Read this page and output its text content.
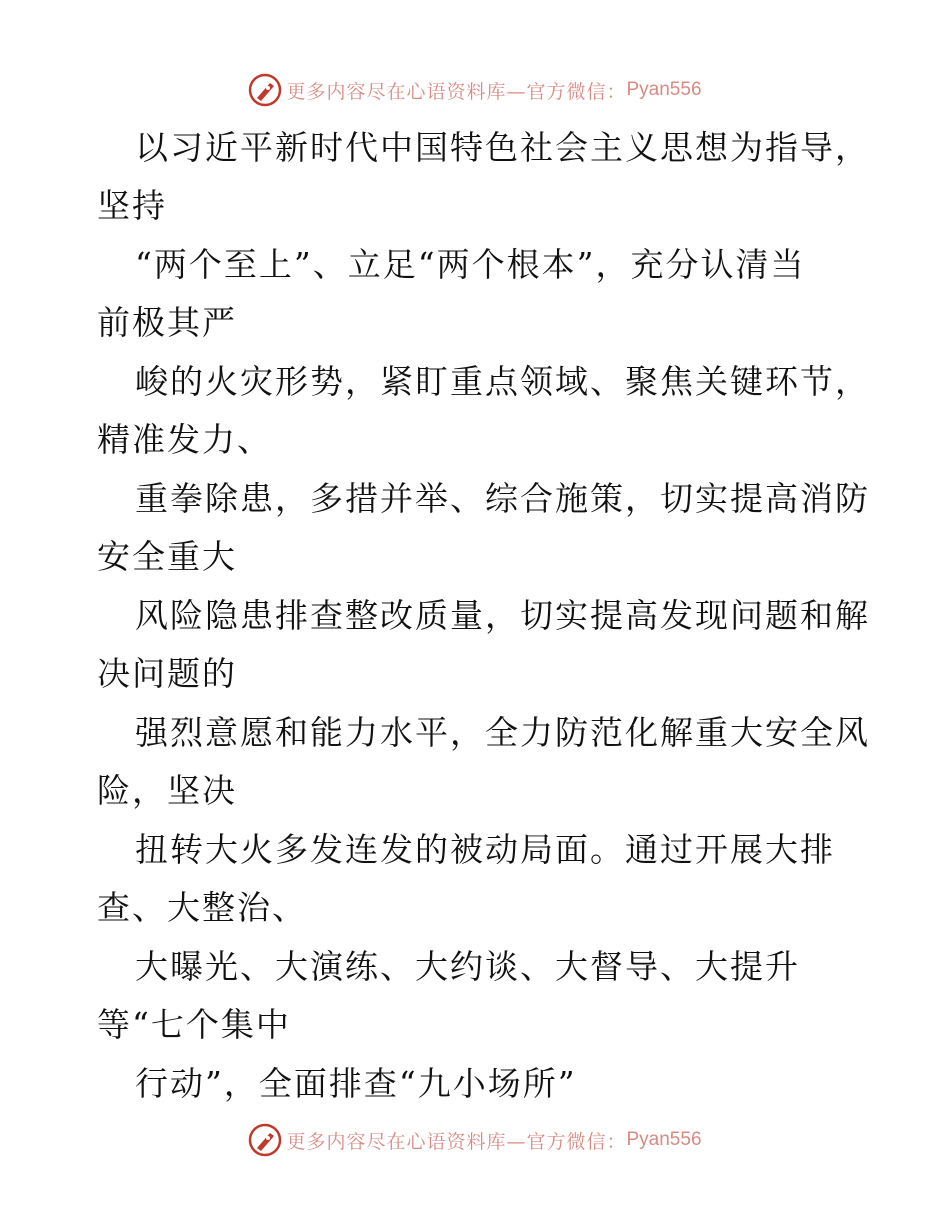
更多内容尽在心语资料库—官方微信： Pyan556
以习近平新时代中国特色社会主义思想为指导，
坚持
“两个至上”、立足“两个根本”，充分认清当
前极其严
峻的火灾形势，紧盯重点领域、聚焦关键环节，
精准发力、
重拳除患，多措并举、综合施策，切实提高消防
安全重大
风险隐患排查整改质量，切实提高发现问题和解
决问题的
强烈意愿和能力水平，全力防范化解重大安全风
险，坚决
扭转大火多发连发的被动局面。通过开展大排
查、大整治、
大曝光、大演练、大约谈、大督导、大提升
等“七个集中
行动”，全面排查“九小场所”
更多内容尽在心语资料库—官方微信： Pyan556
